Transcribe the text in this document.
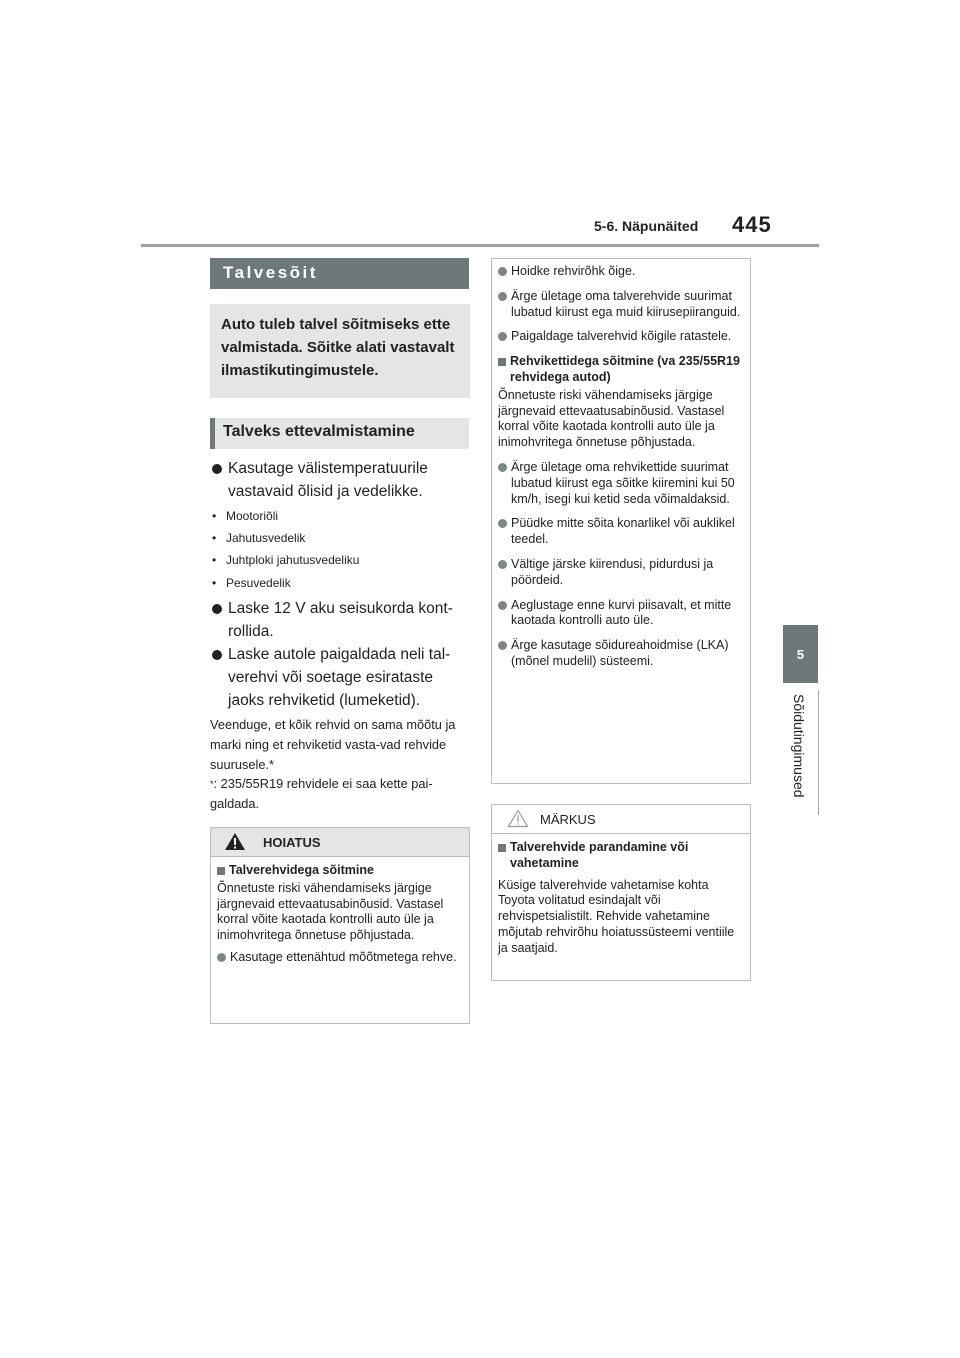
5-6. Näpunäited 445
5
Sõidutingimused
Talvesõit
Auto tuleb talvel sõitmiseks ette valmistada. Sõitke alati vastavalt ilmastikutingimustele.
Talveks ettevalmistamine
Kasutage välistemperatuurile vastavaid õlisid ja vedelikke.
• Mootoriõli
• Jahutusvedelik
• Juhtploki jahutusvedeliku
• Pesuvedelik
Laske 12 V aku seisukorda kont-rollida.
Laske autole paigaldada neli tal-verehvi või soetage esirataste jaoks rehviketid (lumeketid).
Veenduge, et kõik rehvid on sama mõõtu ja marki ning et rehviketid vasta-vad rehvide suurusele.*
*: 235/55R19 rehvidele ei saa kette pai-galdada.
HOIATUS
Talverehvidega sõitmine
Õnnetuste riski vähendamiseks järgige järgnevaid ettevaatusabinõusid. Vastasel korral võite kaotada kontrolli auto üle ja inimohvritega õnnetuse põhjustada.
Kasutage ettenähtud mõõtmetega rehve.
Hoidke rehvirõhk õige.
Ärge ületage oma talverehvide suurimat lubatud kiirust ega muid kiirusepiiranguid.
Paigaldage talverehvid kõigile ratastele.
Rehvikettidega sõitmine (va 235/55R19 rehvidega autod)
Õnnetuste riski vähendamiseks järgige järgnevaid ettevaatusabinõusid. Vastasel korral võite kaotada kontrolli auto üle ja inimohvritega õnnetuse põhjustada.
Ärge ületage oma rehvikettide suurimat lubatud kiirust ega sõitke kiiremini kui 50 km/h, isegi kui ketid seda võimaldaksid.
Püüdke mitte sõita konarlikel või auklikel teedel.
Vältige järske kiirendusi, pidurdusi ja pöördeid.
Aeglustage enne kurvi piisavalt, et mitte kaotada kontrolli auto üle.
Ärge kasutage sõidureahoidmise (LKA) (mõnel mudelil) süsteemi.
MÄRKUS
Talverehvide parandamine või vahetamine
Küsige talverehvide vahetamise kohta Toyota volitatud esindajalt või rehvispetsialistilt. Rehvide vahetamine mõjutab rehvirõhu hoiatussüsteemi ventiile ja saatjaid.
